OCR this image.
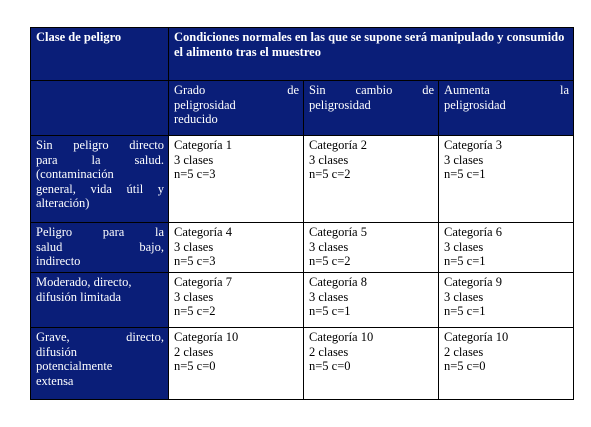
Clase de peligro	Condiciones normales en las que se supone será manipulado y consumido el alimento tras el muestreo		

	Grado de
peligrosidad
reducido	Sin cambio de
peligrosidad	Aumenta la
peligrosidad

Sin peligro directo
para la salud.
(contaminación
general, vida útil y
alteración)	Categoría 1
3 clases
n=5 c=3	Categoría 2
3 clases
n=5 c=2	Categoría 3
3 clases
n=5 c=1

Peligro para la
salud bajo,
indirecto	Categoría 4
3 clases
n=5 c=3	Categoría 5
3 clases
n=5 c=2	Categoría 6
3 clases
n=5 c=1

Moderado, directo,
difusión limitada	Categoría 7
3 clases
n=5 c=2	Categoría 8
3 clases
n=5 c=1	Categoría 9
3 clases
n=5 c=1

Grave, directo,
difusión
potencialmente
extensa	Categoría 10
2 clases
n=5 c=0	Categoría 10
2 clases
n=5 c=0	Categoría 10
2 clases
n=5 c=0
